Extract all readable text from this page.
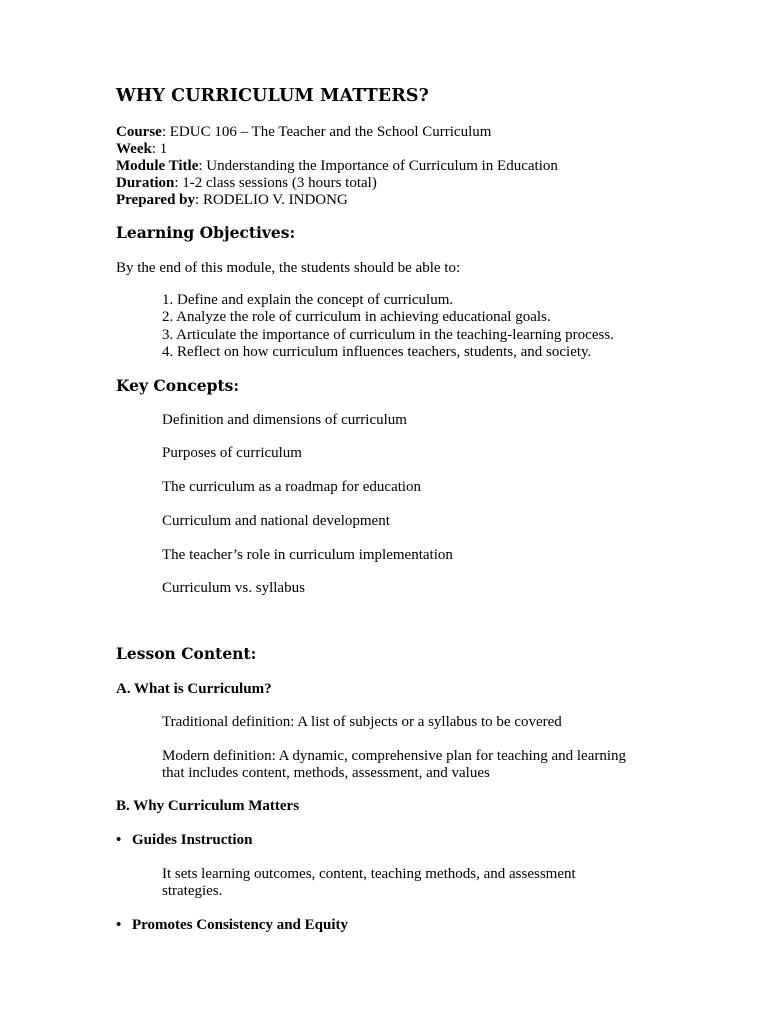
WHY CURRICULUM MATTERS?
Course: EDUC 106 – The Teacher and the School Curriculum
Week: 1
Module Title: Understanding the Importance of Curriculum in Education
Duration: 1-2 class sessions (3 hours total)
Prepared by: RODELIO V. INDONG
Learning Objectives:

By the end of this module, the students should be able to:

1. Define and explain the concept of curriculum.
2. Analyze the role of curriculum in achieving educational goals.
3. Articulate the importance of curriculum in the teaching-learning process.
4. Reflect on how curriculum influences teachers, students, and society.
Key Concepts:

Definition and dimensions of curriculum

Purposes of curriculum

The curriculum as a roadmap for education

Curriculum and national development

The teacher’s role in curriculum implementation

Curriculum vs. syllabus

Lesson Content:

A. What is Curriculum?

Traditional definition: A list of subjects or a syllabus to be covered

Modern definition: A dynamic, comprehensive plan for teaching and learning

that includes content, methods, assessment, and values

B. Why Curriculum Matters

• Guides Instruction

It sets learning outcomes, content, teaching methods, and assessment

strategies.

• Promotes Consistency and Equity
